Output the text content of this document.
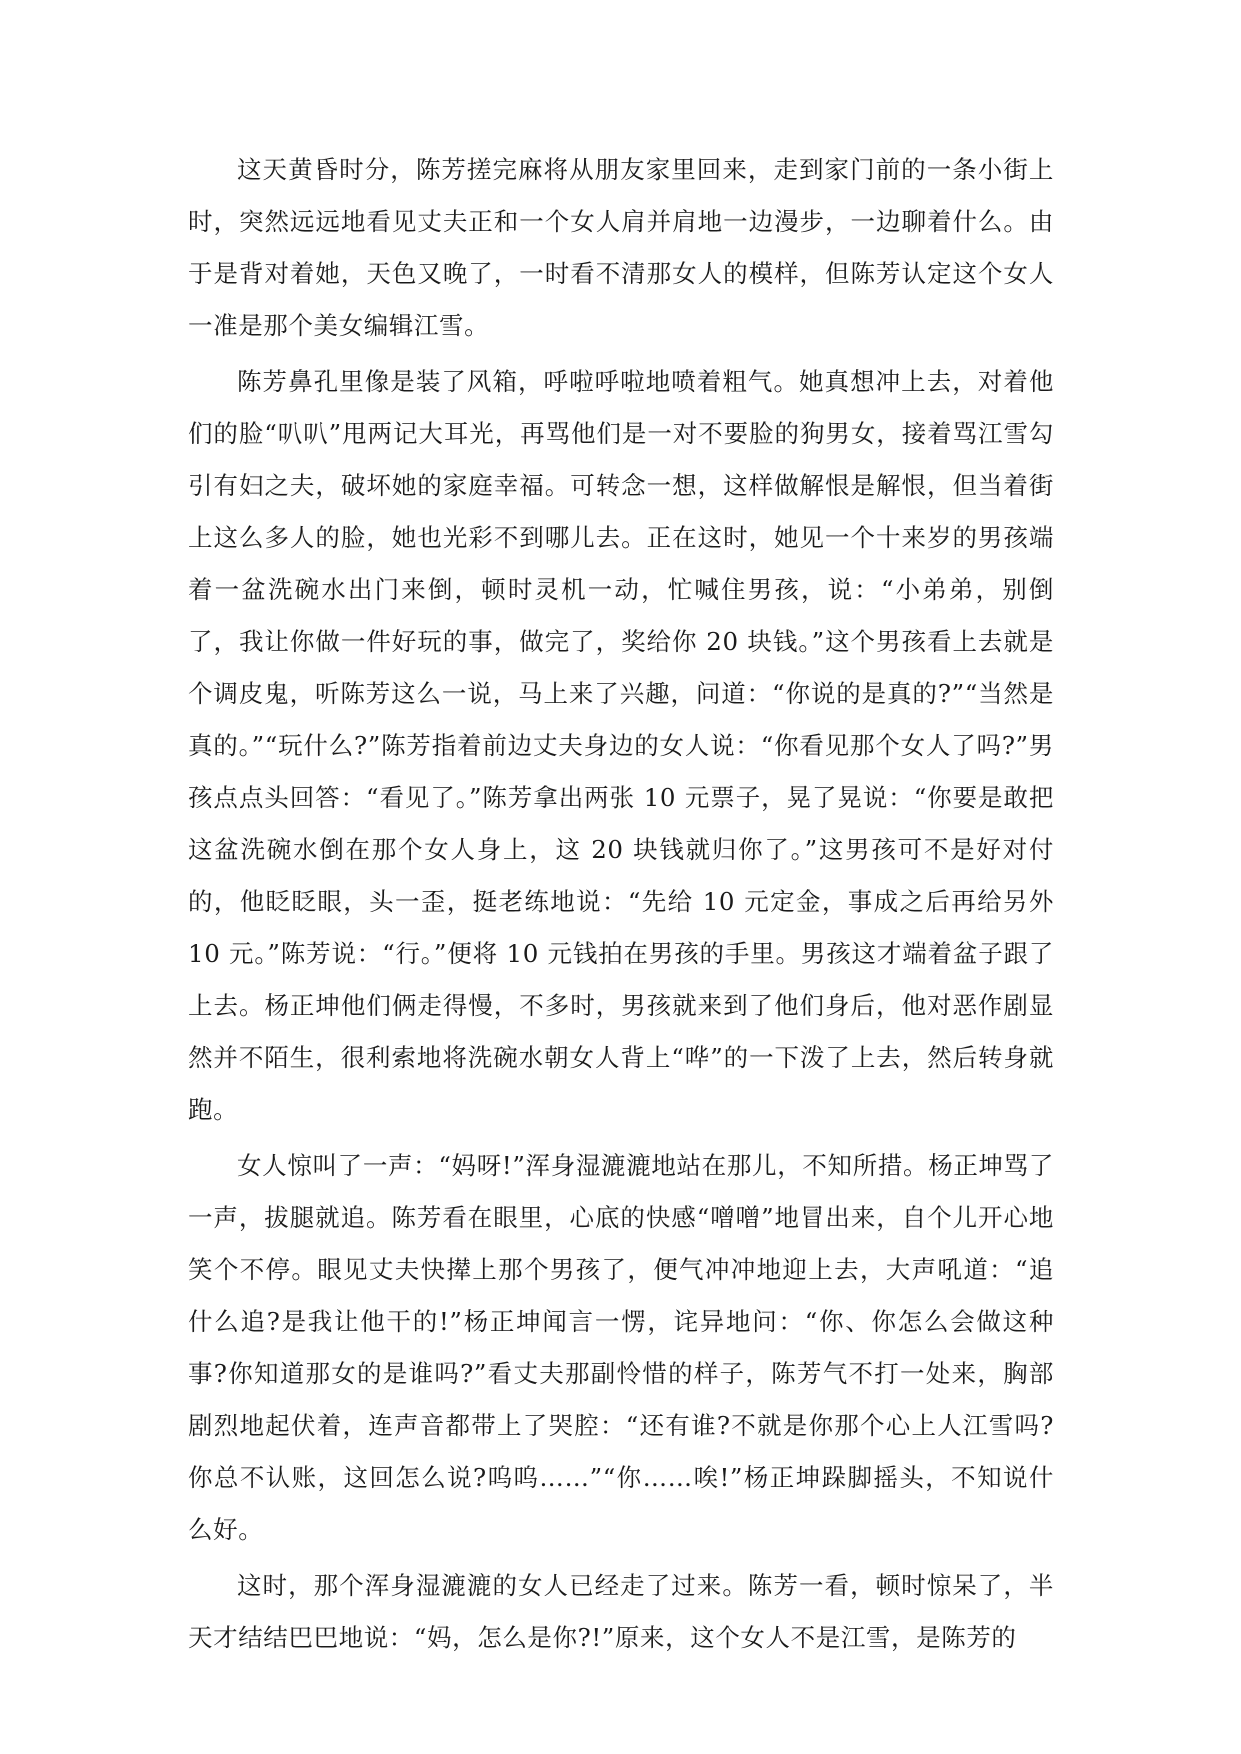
这天黄昏时分，陈芳搓完麻将从朋友家里回来，走到家门前的一条小街上时，突然远远地看见丈夫正和一个女人肩并肩地一边漫步，一边聊着什么。由于是背对着她，天色又晚了，一时看不清那女人的模样，但陈芳认定这个女人一准是那个美女编辑江雪。

陈芳鼻孔里像是装了风箱，呼啦呼啦地喷着粗气。她真想冲上去，对着他们的脸“叭叭”甩两记大耳光，再骂他们是一对不要脸的狗男女，接着骂江雪勾引有妇之夫，破坏她的家庭幸福。可转念一想，这样做解恨是解恨，但当着街上这么多人的脸，她也光彩不到哪儿去。正在这时，她见一个十来岁的男孩端着一盆洗碗水出门来倒，顿时灵机一动，忙喊住男孩，说：“小弟弟，别倒了，我让你做一件好玩的事，做完了，奖给你 20 块钱。”这个男孩看上去就是个调皮鬼，听陈芳这么一说，马上来了兴趣，问道：“你说的是真的?”“当然是真的。”“玩什么?”陈芳指着前边丈夫身边的女人说：“你看见那个女人了吗?”男孩点点头回答：“看见了。”陈芳拿出两张 10 元票子，晃了晃说：“你要是敢把这盆洗碗水倒在那个女人身上，这 20 块钱就归你了。”这男孩可不是好对付的，他眨眨眼，头一歪，挺老练地说：“先给 10 元定金，事成之后再给另外 10 元。”陈芳说：“行。”便将 10 元钱拍在男孩的手里。男孩这才端着盆子跟了上去。杨正坤他们俩走得慢，不多时，男孩就来到了他们身后，他对恶作剧显然并不陌生，很利索地将洗碗水朝女人背上“哗”的一下泼了上去，然后转身就跑。

女人惊叫了一声：“妈呀!”浑身湿漉漉地站在那儿，不知所措。杨正坤骂了一声，拔腿就追。陈芳看在眼里，心底的快感“噌噌”地冒出来，自个儿开心地笑个不停。眼见丈夫快撵上那个男孩了，便气冲冲地迎上去，大声吼道：“追什么追?是我让他干的!”杨正坤闻言一愣，诧异地问：“你、你怎么会做这种事?你知道那女的是谁吗?”看丈夫那副怜惜的样子，陈芳气不打一处来，胸部剧烈地起伏着，连声音都带上了哭腔：“还有谁?不就是你那个心上人江雪吗?你总不认账，这回怎么说?呜呜……”“你……唉!”杨正坤跺脚摇头，不知说什么好。

这时，那个浑身湿漉漉的女人已经走了过来。陈芳一看，顿时惊呆了，半天才结结巴巴地说：“妈，怎么是你?!”原来，这个女人不是江雪，是陈芳的
